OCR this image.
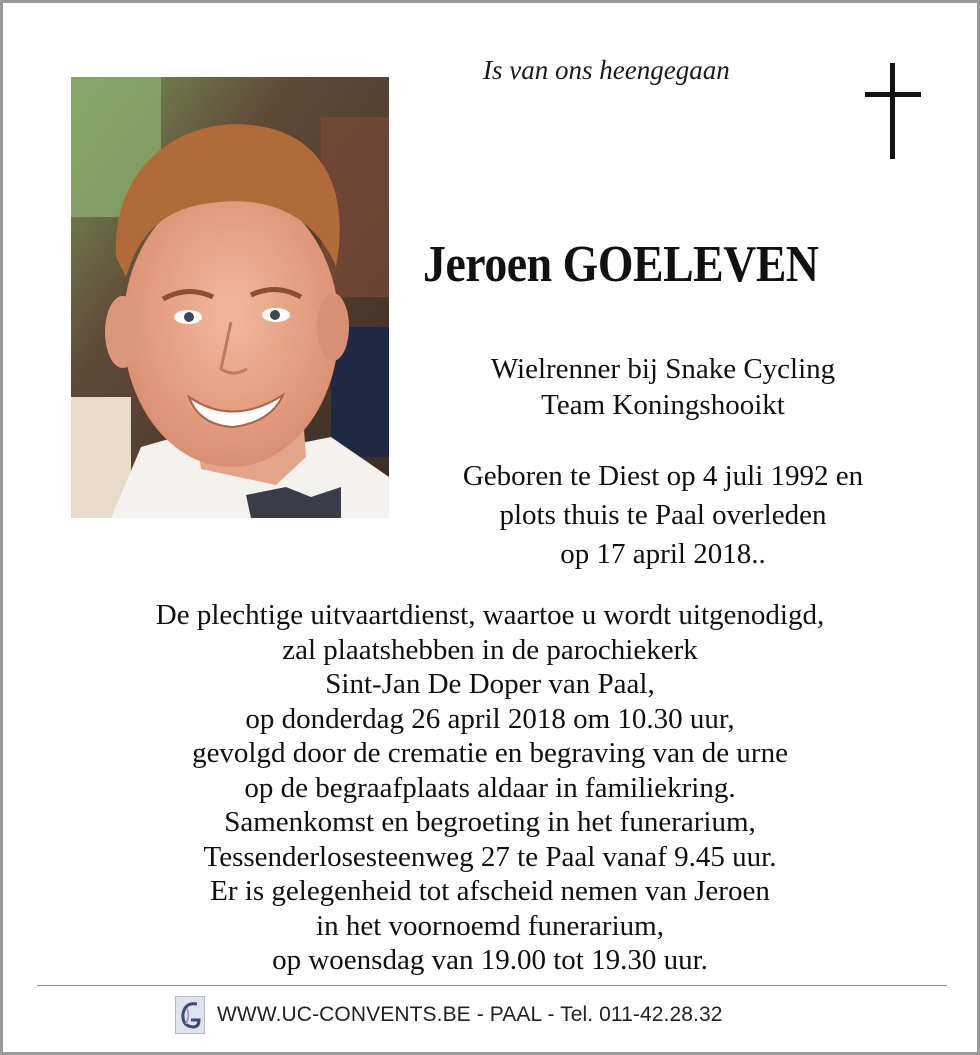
Is van ons heengegaan
Jeroen GOELEVEN
Wielrenner bij Snake Cycling
Team Koningshooikt
Geboren te Diest op 4 juli 1992 en
plots thuis te Paal overleden
op 17 april 2018..
De plechtige uitvaartdienst, waartoe u wordt uitgenodigd,
zal plaatshebben in de parochiekerk
Sint-Jan De Doper van Paal,
op donderdag 26 april 2018 om 10.30 uur,
gevolgd door de crematie en begraving van de urne
op de begraafplaats aldaar in familiekring.
Samenkomst en begroeting in het funerarium,
Tessenderlosesteenweg 27 te Paal vanaf 9.45 uur.
Er is gelegenheid tot afscheid nemen van Jeroen
in het voornoemd funerarium,
op woensdag van 19.00 tot 19.30 uur.
WWW.UC-CONVENTS.BE - PAAL - Tel. 011-42.28.32
